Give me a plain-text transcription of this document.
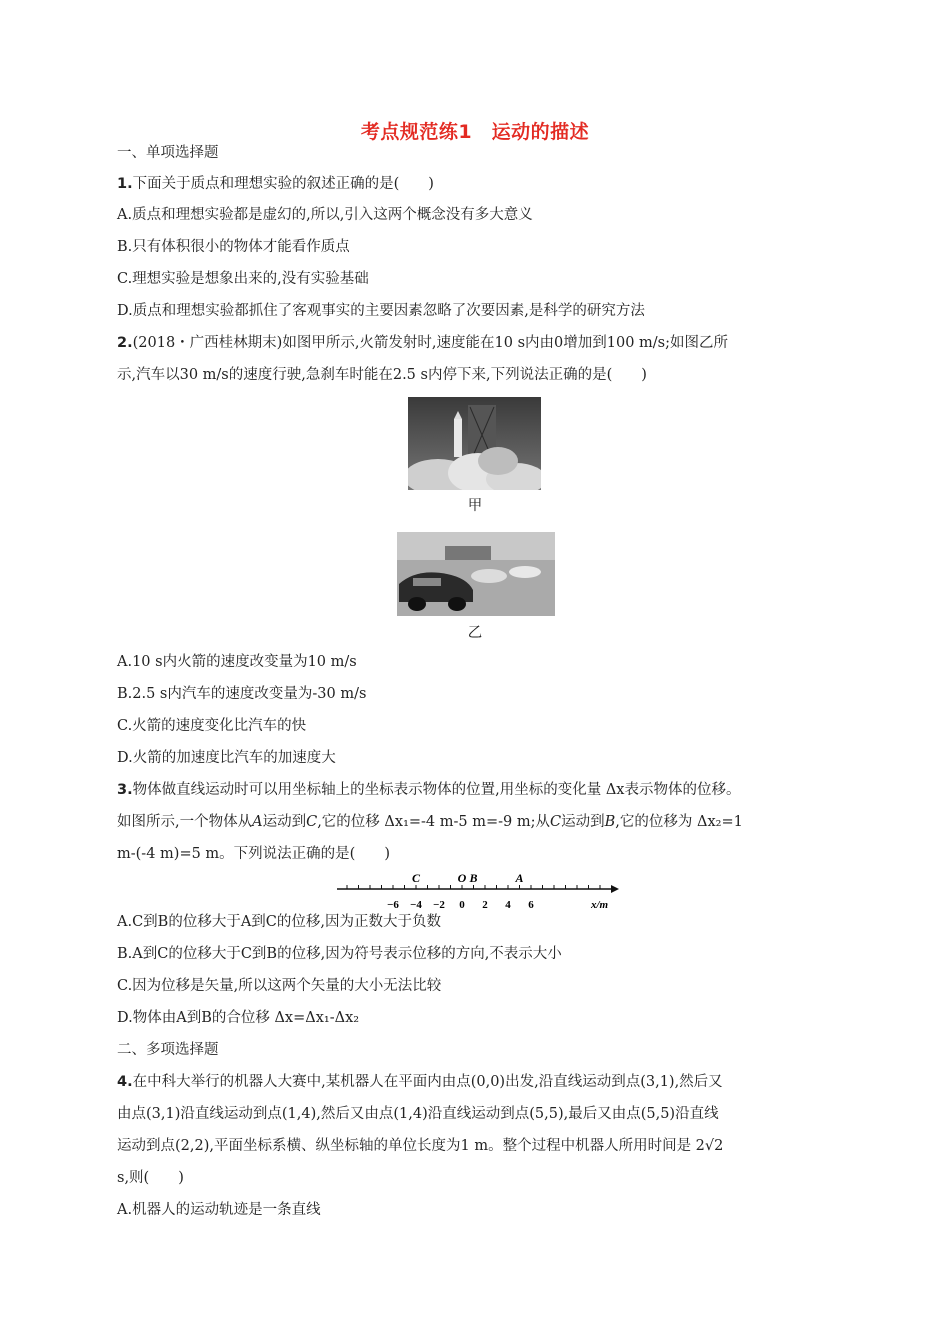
考点规范练1　运动的描述
一、单项选择题
1.下面关于质点和理想实验的叙述正确的是(　　)
A.质点和理想实验都是虚幻的,所以,引入这两个概念没有多大意义
B.只有体积很小的物体才能看作质点
C.理想实验是想象出来的,没有实验基础
D.质点和理想实验都抓住了客观事实的主要因素忽略了次要因素,是科学的研究方法
2.(2018・广西桂林期末)如图甲所示,火箭发射时,速度能在10 s内由0增加到100 m/s;如图乙所
示,汽车以30 m/s的速度行驶,急刹车时能在2.5 s内停下来,下列说法正确的是(　　)
甲
乙
A.10 s内火箭的速度改变量为10 m/s
B.2.5 s内汽车的速度改变量为-30 m/s
C.火箭的速度变化比汽车的快
D.火箭的加速度比汽车的加速度大
3.物体做直线运动时可以用坐标轴上的坐标表示物体的位置,用坐标的变化量 Δx表示物体的位移。
如图所示,一个物体从A运动到C,它的位移 Δx₁=-4 m-5 m=-9 m;从C运动到B,它的位移为 Δx₂=1
m-(-4 m)=5 m。下列说法正确的是(　　)
x/m
−6 −4 −2 0 2 4 6
C	O B	A
A.C到B的位移大于A到C的位移,因为正数大于负数
B.A到C的位移大于C到B的位移,因为符号表示位移的方向,不表示大小
C.因为位移是矢量,所以这两个矢量的大小无法比较
D.物体由A到B的合位移 Δx=Δx₁-Δx₂
二、多项选择题
4.在中科大举行的机器人大赛中,某机器人在平面内由点(0,0)出发,沿直线运动到点(3,1),然后又
由点(3,1)沿直线运动到点(1,4),然后又由点(1,4)沿直线运动到点(5,5),最后又由点(5,5)沿直线
运动到点(2,2),平面坐标系横、纵坐标轴的单位长度为1 m。整个过程中机器人所用时间是 2√2
s,则(　　)
A.机器人的运动轨迹是一条直线
